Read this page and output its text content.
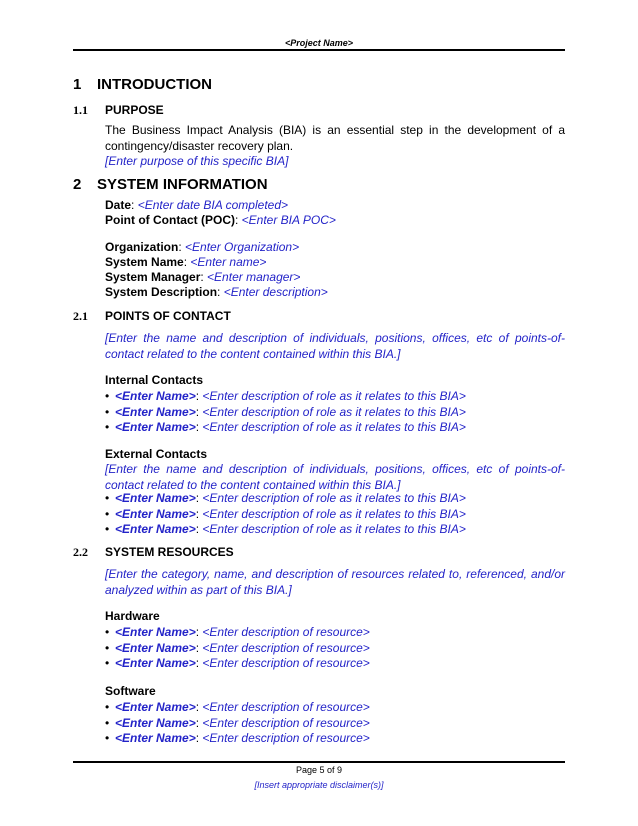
<Project Name>
1 INTRODUCTION
1.1 PURPOSE
The Business Impact Analysis (BIA) is an essential step in the development of a contingency/disaster recovery plan.
[Enter purpose of this specific BIA]
2 SYSTEM INFORMATION
Date: <Enter date BIA completed>
Point of Contact (POC): <Enter BIA POC>
Organization: <Enter Organization>
System Name: <Enter name>
System Manager: <Enter manager>
System Description: <Enter description>
2.1 POINTS OF CONTACT
[Enter the name and description of individuals, positions, offices, etc of points-of-contact related to the content contained within this BIA.]
Internal Contacts
• <Enter Name>: <Enter description of role as it relates to this BIA>
• <Enter Name>: <Enter description of role as it relates to this BIA>
• <Enter Name>: <Enter description of role as it relates to this BIA>
External Contacts
[Enter the name and description of individuals, positions, offices, etc of points-of-contact related to the content contained within this BIA.]
• <Enter Name>: <Enter description of role as it relates to this BIA>
• <Enter Name>: <Enter description of role as it relates to this BIA>
• <Enter Name>: <Enter description of role as it relates to this BIA>
2.2 SYSTEM RESOURCES
[Enter the category, name, and description of resources related to, referenced, and/or analyzed within as part of this BIA.]
Hardware
• <Enter Name>: <Enter description of resource>
• <Enter Name>: <Enter description of resource>
• <Enter Name>: <Enter description of resource>
Software
• <Enter Name>: <Enter description of resource>
• <Enter Name>: <Enter description of resource>
• <Enter Name>: <Enter description of resource>
Page 5 of 9
[Insert appropriate disclaimer(s)]
